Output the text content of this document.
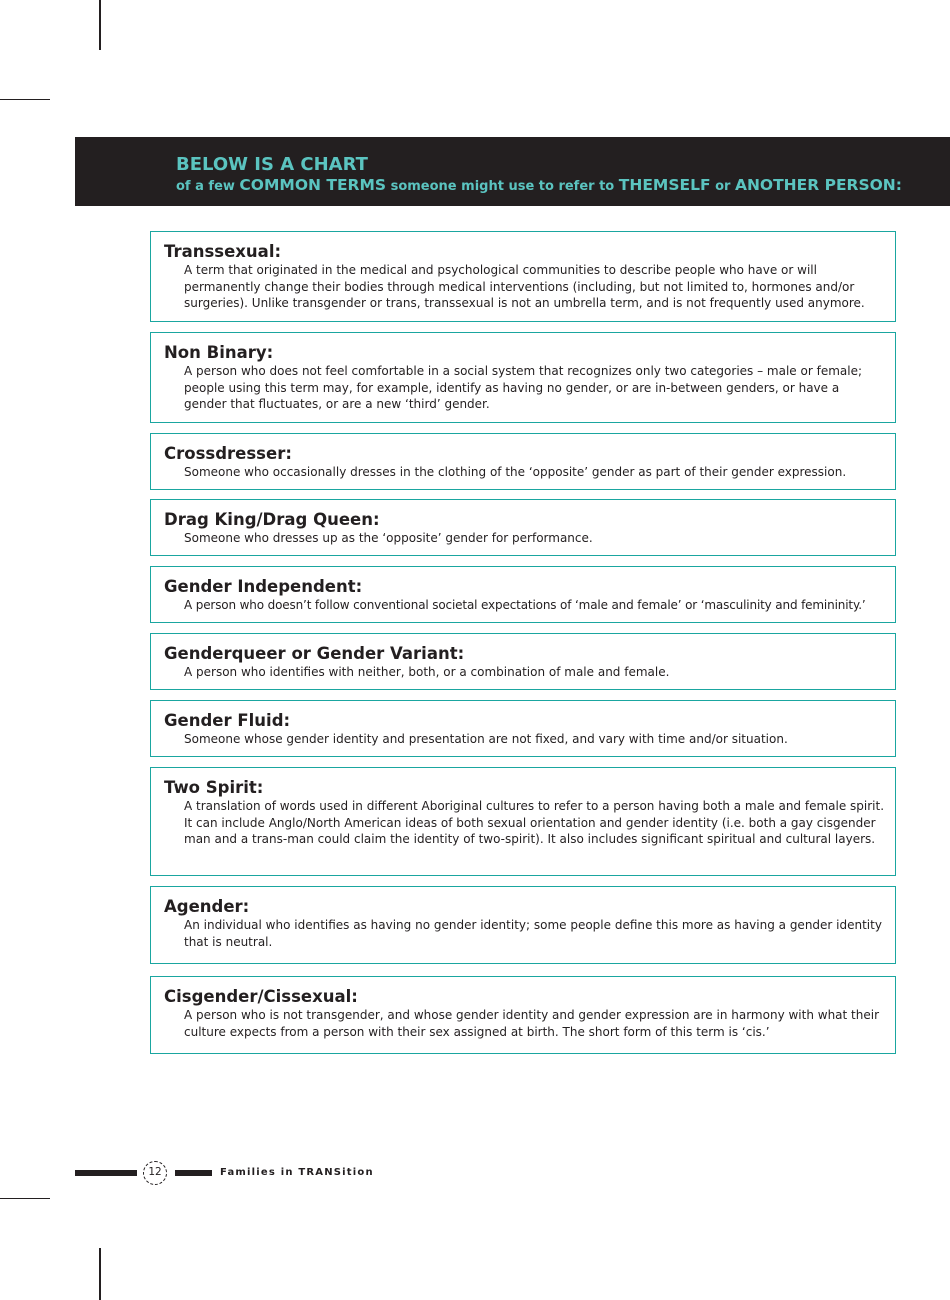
BELOW IS A CHART
of a few COMMON TERMS someone might use to refer to THEMSELF or ANOTHER PERSON:
Transsexual:
A term that originated in the medical and psychological communities to describe people who have or will permanently change their bodies through medical interventions (including, but not limited to, hormones and/or surgeries). Unlike transgender or trans, transsexual is not an umbrella term, and is not frequently used anymore.
Non Binary:
A person who does not feel comfortable in a social system that recognizes only two categories – male or female; people using this term may, for example, identify as having no gender, or are in-between genders, or have a gender that fluctuates, or are a new ‘third’ gender.
Crossdresser:
Someone who occasionally dresses in the clothing of the ‘opposite’ gender as part of their gender expression.
Drag King/Drag Queen:
Someone who dresses up as the ‘opposite’ gender for performance.
Gender Independent:
A person who doesn’t follow conventional societal expectations of ‘male and female’ or ‘masculinity and femininity.’
Genderqueer or Gender Variant:
A person who identifies with neither, both, or a combination of male and female.
Gender Fluid:
Someone whose gender identity and presentation are not fixed, and vary with time and/or situation.
Two Spirit:
A translation of words used in different Aboriginal cultures to refer to a person having both a male and female spirit. It can include Anglo/North American ideas of both sexual orientation and gender identity (i.e. both a gay cisgender man and a trans-man could claim the identity of two-spirit). It also includes significant spiritual and cultural layers.
Agender:
An individual who identifies as having no gender identity; some people define this more as having a gender identity that is neutral.
Cisgender/Cissexual:
A person who is not transgender, and whose gender identity and gender expression are in harmony with what their culture expects from a person with their sex assigned at birth. The short form of this term is ‘cis.’
12	Families in TRANSition
